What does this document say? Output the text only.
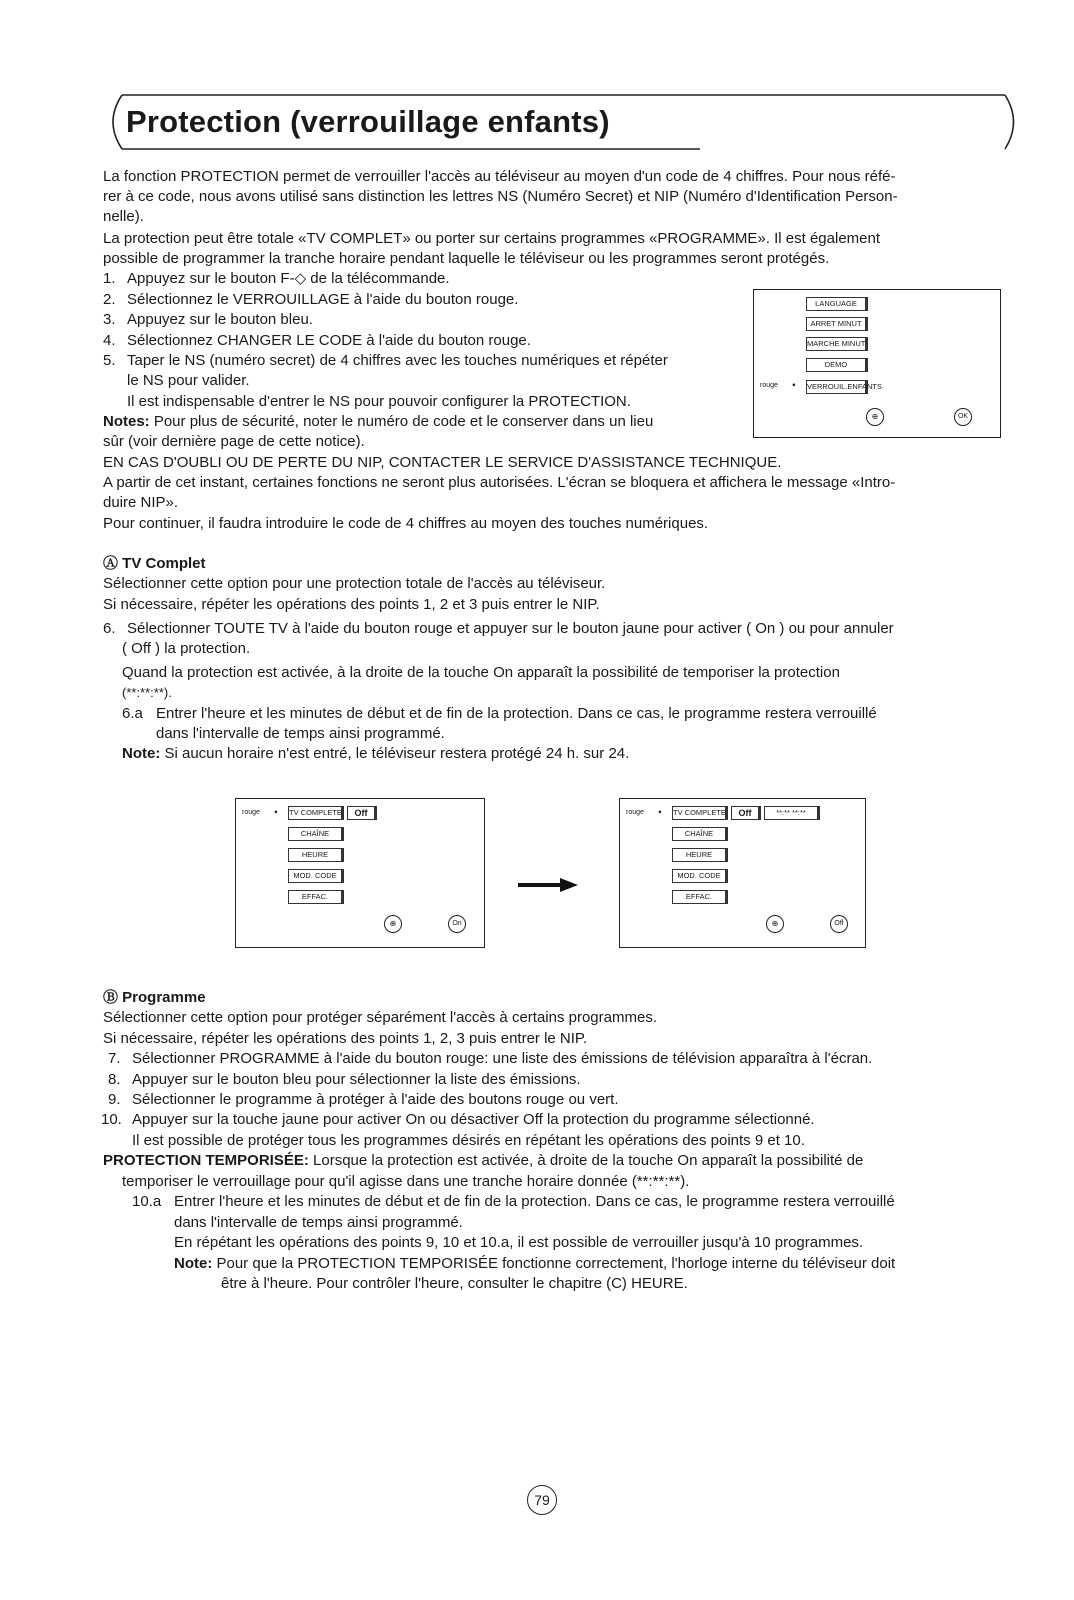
Protection (verrouillage enfants)
La fonction PROTECTION permet de verrouiller l'accès au téléviseur au moyen d'un code de 4 chiffres. Pour nous réfé-
rer à ce code, nous avons utilisé sans distinction les lettres NS (Numéro Secret) et NIP (Numéro d'Identification Person-
nelle).
La protection peut être totale «TV COMPLET» ou porter sur certains programmes «PROGRAMME». Il est également
possible de programmer la tranche horaire pendant laquelle le téléviseur ou les programmes seront protégés.
1. Appuyez sur le bouton F-◇ de la télécommande.
2. Sélectionnez le VERROUILLAGE à l'aide du bouton rouge.
3. Appuyez sur le bouton bleu.
4. Sélectionnez CHANGER LE CODE à l'aide du bouton rouge.
5. Taper le NS (numéro secret) de 4 chiffres avec les touches numériques et répéter
le NS pour valider.
Il est indispensable d'entrer le NS pour pouvoir configurer la PROTECTION.
Notes: Pour plus de sécurité, noter le numéro de code et le conserver dans un lieu
sûr (voir dernière page de cette notice).
EN CAS D'OUBLI OU DE PERTE DU NIP, CONTACTER LE SERVICE D'ASSISTANCE TECHNIQUE.
A partir de cet instant, certaines fonctions ne seront plus autorisées. L'écran se bloquera et affichera le message «Intro-
duire NIP».
Pour continuer, il faudra introduire le code de 4 chiffres au moyen des touches numériques.
LANGUAGE
ARRET MINUT
MARCHE MINUT
DEMO
VERROUIL.ENFANTS
rouge ➧
⊕	OK
Ⓐ TV Complet
Sélectionner cette option pour une protection totale de l'accès au téléviseur.
Si nécessaire, répéter les opérations des points 1, 2 et 3 puis entrer le NIP.
6. Sélectionner TOUTE TV à l'aide du bouton rouge et appuyer sur le bouton jaune pour activer ( On ) ou pour annuler
( Off ) la protection.
Quand la protection est activée, à la droite de la touche On apparaît la possibilité de temporiser la protection
(**:**:**).
6.a Entrer l'heure et les minutes de début et de fin de la protection. Dans ce cas, le programme restera verrouillé
dans l'intervalle de temps ainsi programmé.
Note: Si aucun horaire n'est entré, le téléviseur restera protégé 24 h. sur 24.
rouge ➧ TV COMPLETE	Off
CHAÎNE
HEURE
MOD. CODE
EFFAC.
⊕	On
rouge ➧ TV COMPLETE	Off	**:** **:**
CHAÎNE
HEURE
MOD. CODE
EFFAC.
⊕	Off
Ⓑ Programme
Sélectionner cette option pour protéger séparément l'accès à certains programmes.
Si nécessaire, répéter les opérations des points 1, 2, 3 puis entrer le NIP.
7. Sélectionner PROGRAMME à l'aide du bouton rouge: une liste des émissions de télévision apparaîtra à l'écran.
8. Appuyer sur le bouton bleu pour sélectionner la liste des émissions.
9. Sélectionner le programme à protéger à l'aide des boutons rouge ou vert.
10. Appuyer sur la touche jaune pour activer On ou désactiver Off la protection du programme sélectionné.
Il est possible de protéger tous les programmes désirés en répétant les opérations des points 9 et 10.
PROTECTION TEMPORISÉE: Lorsque la protection est activée, à droite de la touche On apparaît la possibilité de
temporiser le verrouillage pour qu'il agisse dans une tranche horaire donnée (**:**:**).
10.a Entrer l'heure et les minutes de début et de fin de la protection. Dans ce cas, le programme restera verrouillé
dans l'intervalle de temps ainsi programmé.
En répétant les opérations des points 9, 10 et 10.a, il est possible de verrouiller jusqu'à 10 programmes.
Note: Pour que la PROTECTION TEMPORISÉE fonctionne correctement, l'horloge interne du téléviseur doit
être à l'heure. Pour contrôler l'heure, consulter le chapitre (C) HEURE.
79
